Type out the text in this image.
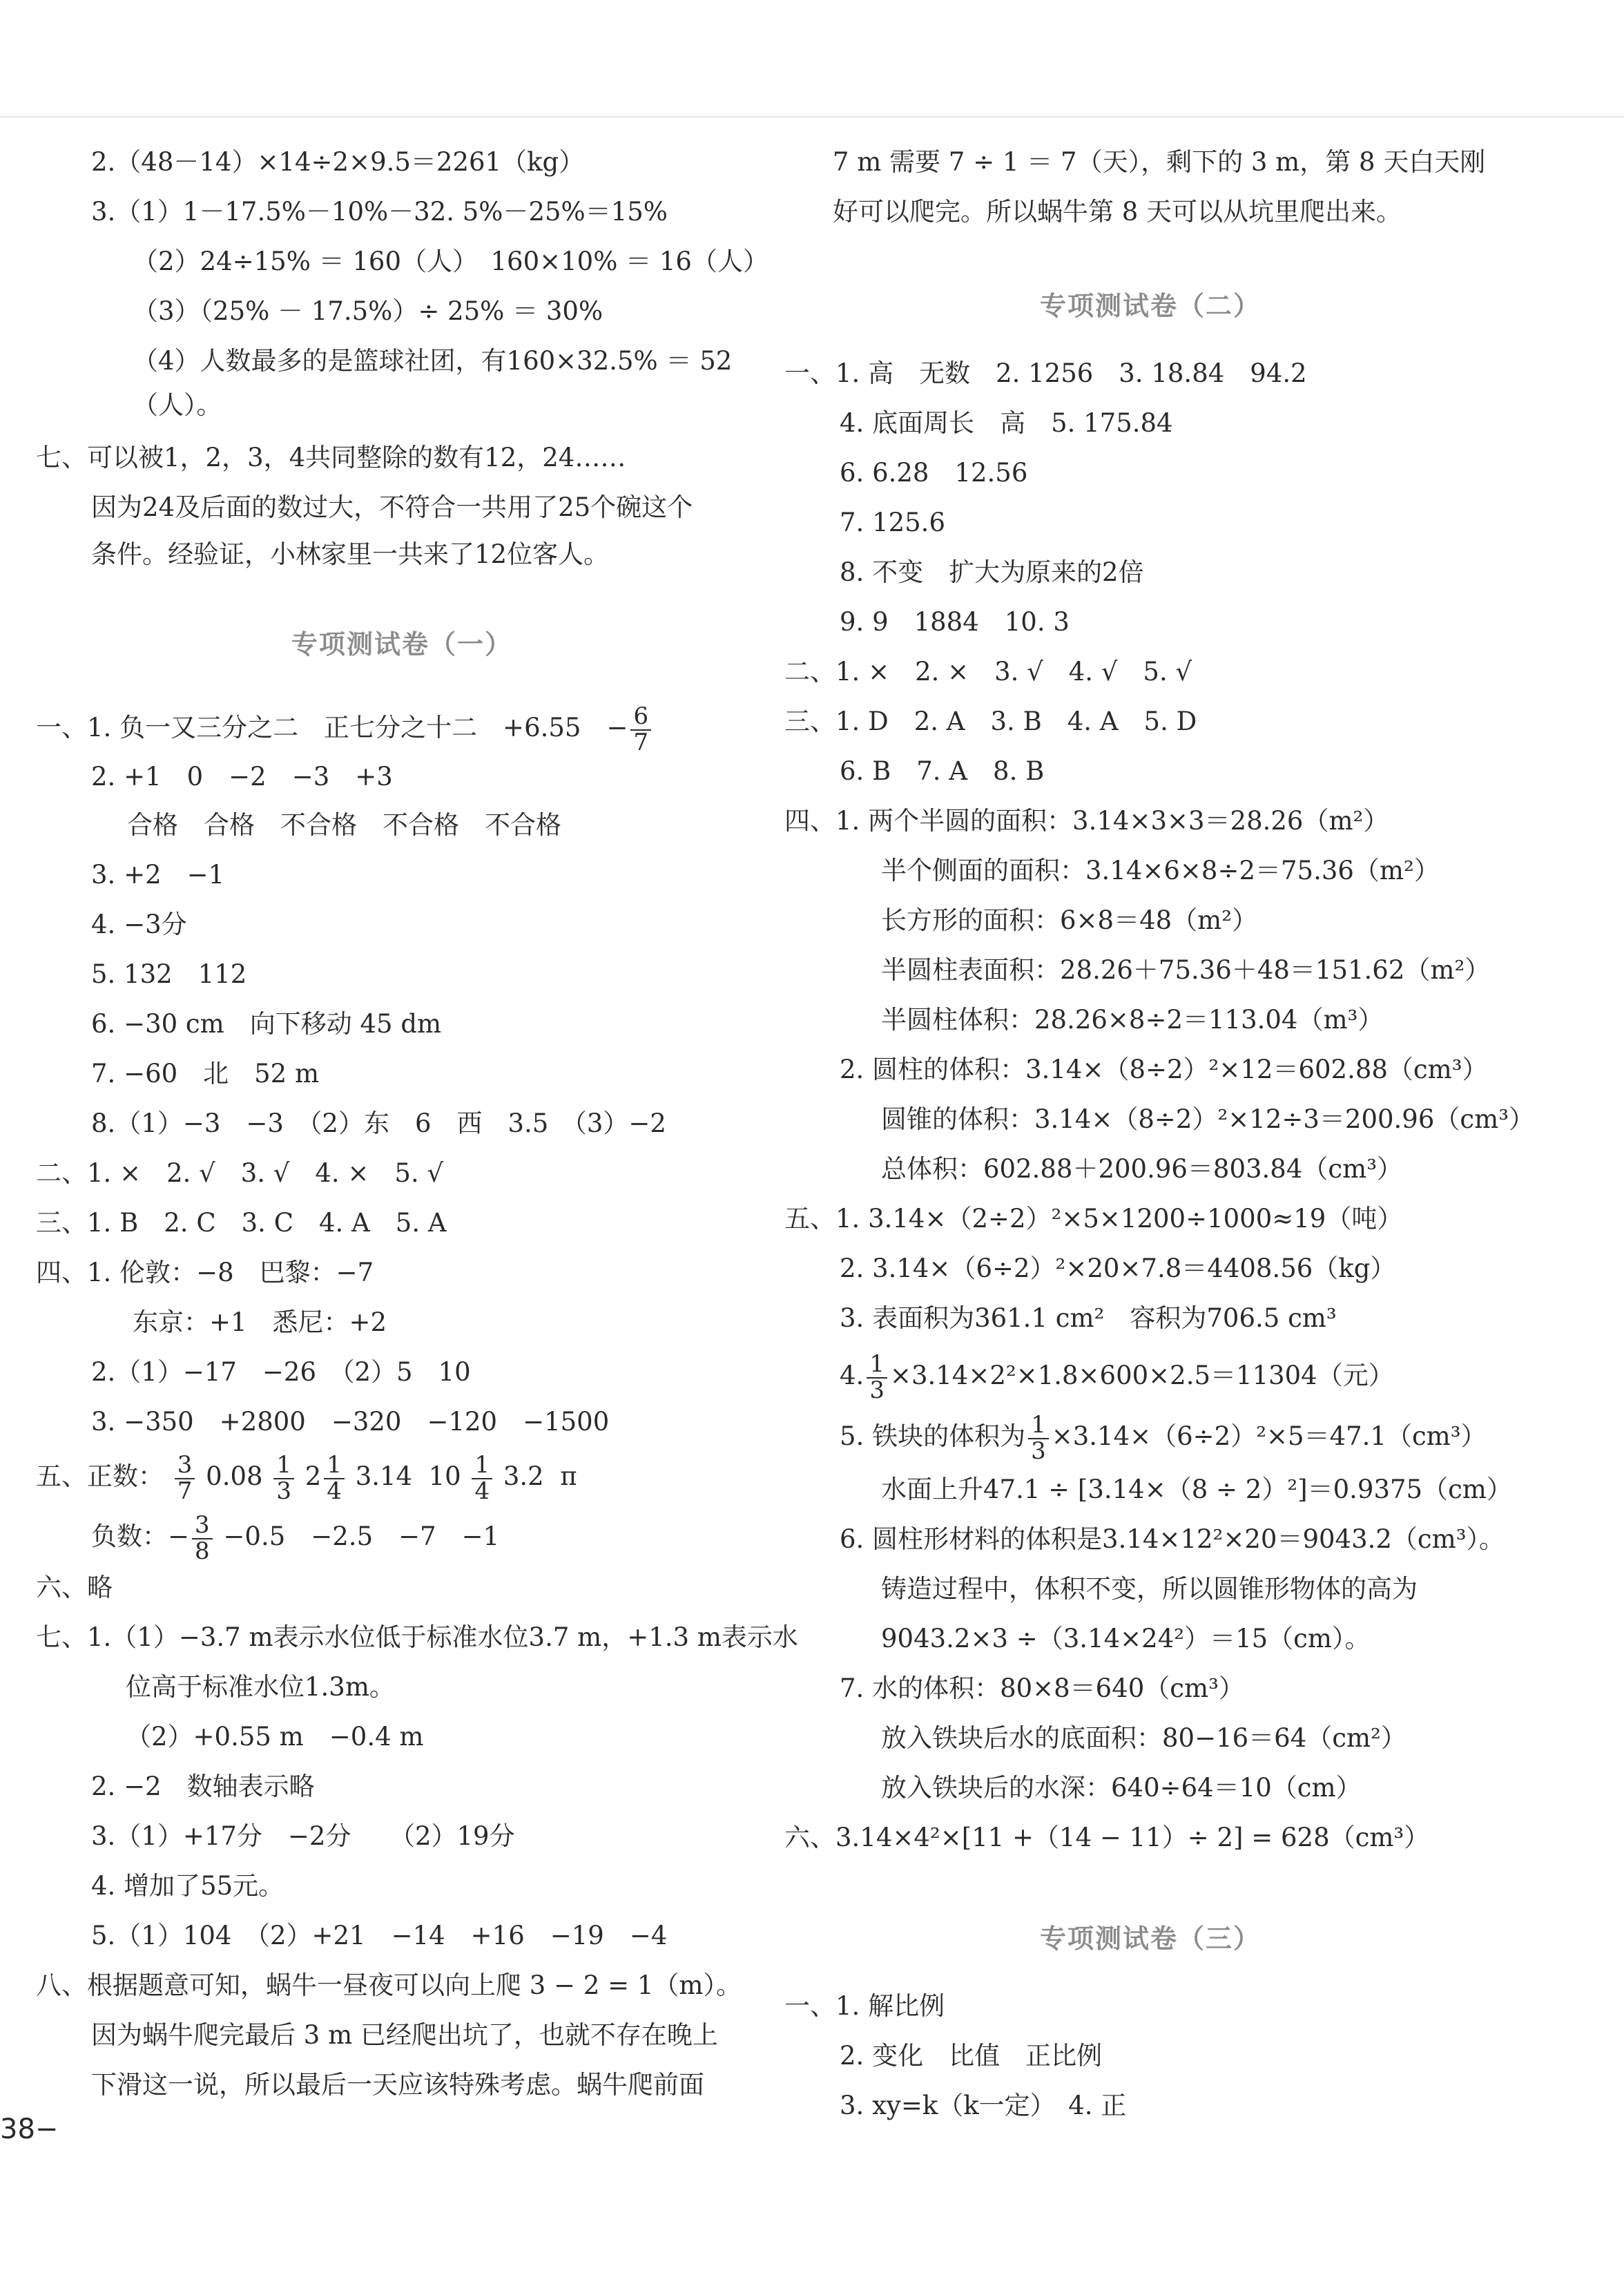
2.（48－14）×14÷2×9.5＝2261（kg）
3.（1）1－17.5%－10%－32. 5%－25%＝15%
（2）24÷15% ＝ 160（人）　160×10% ＝ 16（人）
（3）（25% － 17.5%）÷ 25% ＝ 30%
（4）人数最多的是篮球社团，有160×32.5% ＝ 52
（人）。
七、可以被1，2，3，4共同整除的数有12，24……
因为24及后面的数过大，不符合一共用了25个碗这个
条件。经验证，小林家里一共来了12位客人。
专项测试卷（一）
一、1. 负一又三分之二　正七分之十二　+6.55　− $\frac{6}{7}$
2. +1　0　−2　−3　+3
合格　合格　不合格　不合格　不合格
3. +2　−1
4. −3分
5. 132　112
6. −30 cm　向下移动 45 dm
7. −60　北　52 m
8.（1）−3　−3　（2）东　6　西　3.5　（3）−2
二、1. ×　2. √　3. √　4. ×　5. √
三、1. B　2. C　3. C　4. A　5. A
四、1. 伦敦：−8　巴黎：−7
东京：+1　悉尼：+2
2.（1）−17　−26　（2）5　10
3. −350　+2800　−320　−120　−1500
五、正数： $\frac{3}{7} 0.08 \frac{1}{3} 2 \frac{1}{4} 3.14$ $10 \frac{1}{4} 3.2$ π
负数：− $\frac{3}{8} -0.5$　−2.5　−7　−1
六、略
七、1.（1）−3.7 m表示水位低于标准水位3.7 m，+1.3 m表示水
位高于标准水位1.3m。
（2）+0.55 m　−0.4 m
2. −2　数轴表示略
3.（1）+17分　−2分　　（2）19分
4. 增加了55元。
5.（1）104　（2）+21　−14　+16　−19　−4
八、根据题意可知，蜗牛一昼夜可以向上爬 3 − 2 = 1（m）。
因为蜗牛爬完最后 3 m 已经爬出坑了，也就不存在晚上
下滑这一说，所以最后一天应该特殊考虑。蜗牛爬前面
38−
7 m 需要 7 ÷ 1 ＝ 7（天），剩下的 3 m，第 8 天白天刚
好可以爬完。所以蜗牛第 8 天可以从坑里爬出来。
专项测试卷（二）
一、1. 高　无数　2. 1256　3. 18.84　94.2
4. 底面周长　高　5. 175.84
6. 6.28　12.56
7. 125.6
8. 不变　扩大为原来的2倍
9. 9　1884　10. 3
二、1. ×　2. ×　3. √　4. √　5. √
三、1. D　2. A　3. B　4. A　5. D
6. B　7. A　8. B
四、1. 两个半圆的面积：3.14×3×3＝28.26（m²）
半个侧面的面积：3.14×6×8÷2＝75.36（m²）
长方形的面积：6×8＝48（m²）
半圆柱表面积：28.26＋75.36＋48＝151.62（m²）
半圆柱体积：28.26×8÷2＝113.04（m³）
2. 圆柱的体积：3.14×（8÷2）²×12＝602.88（cm³）
圆锥的体积：3.14×（8÷2）²×12÷3＝200.96（cm³）
总体积：602.88＋200.96＝803.84（cm³）
五、1. 3.14×（2÷2）²×5×1200÷1000≈19（吨）
2. 3.14×（6÷2）²×20×7.8＝4408.56（kg）
3. 表面积为361.1 cm²　容积为706.5 cm³
4. $\frac{1}{3} \times 3.14\times 2^2\times 1.8\times 600\times 2.5=11304$（元）
5. 铁块的体积为 $\frac{1}{3} \times 3.14\times(6\div 2)^2\times 5=47.1(cm^3)$
水面上升47.1 ÷ [3.14×（8 ÷ 2）²]＝0.9375（cm）
6. 圆柱形材料的体积是3.14×12²×20＝9043.2（cm³）。
铸造过程中，体积不变，所以圆锥形物体的高为
9043.2×3 ÷（3.14×24²）＝15（cm）。
7. 水的体积：80×8＝640（cm³）
放入铁块后水的底面积：80−16＝64（cm²）
放入铁块后的水深：640÷64＝10（cm）
六、3.14×4²×[11 +（14 − 11）÷ 2] = 628（cm³）
专项测试卷（三）
一、1. 解比例
2. 变化　比值　正比例
3. xy=k（k一定）　4. 正
